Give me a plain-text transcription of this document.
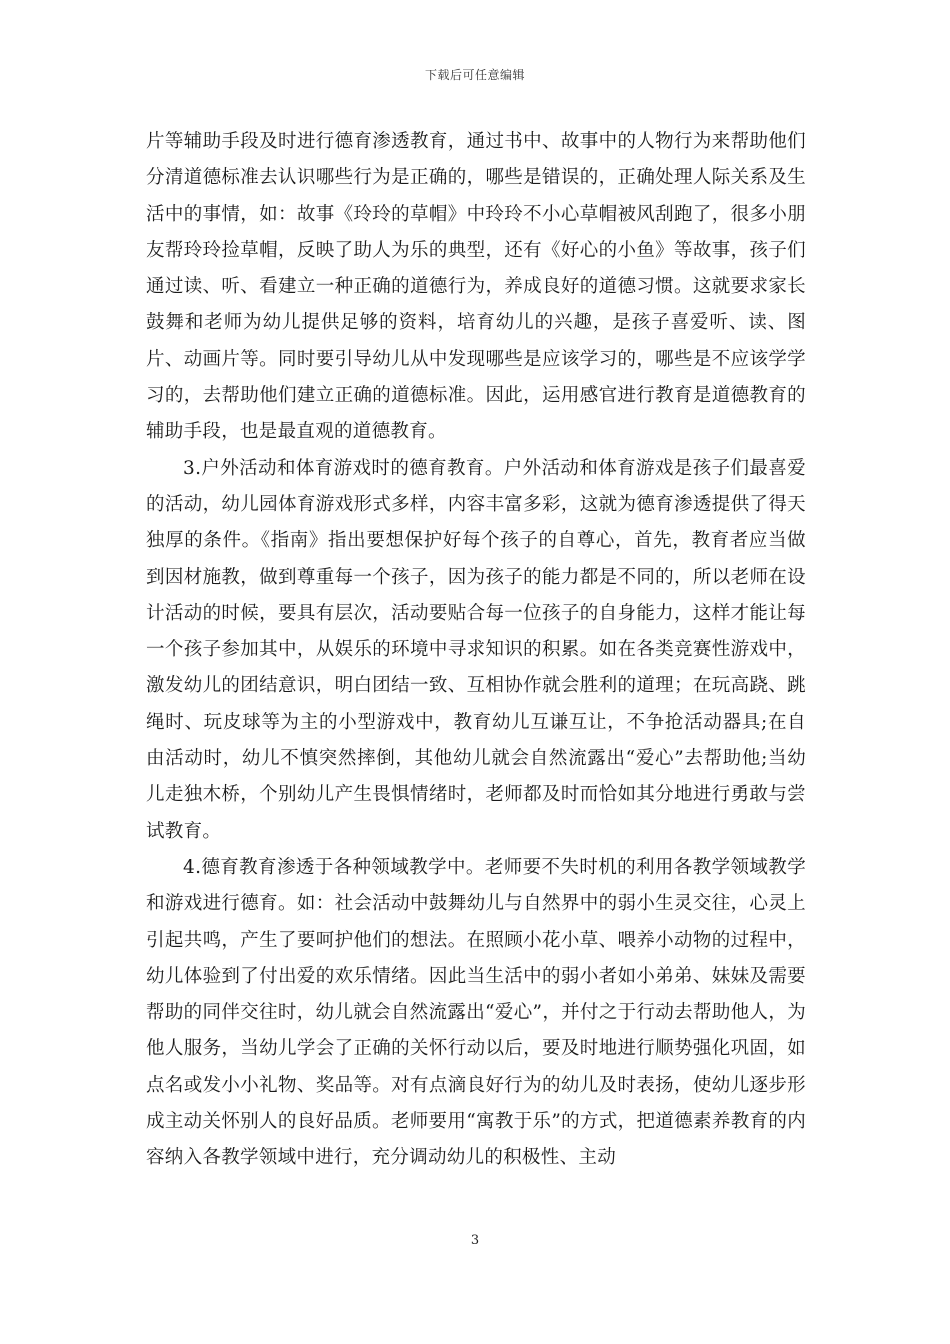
下载后可任意编辑

片等辅助手段及时进行德育渗透教育，通过书中、故事中的人物行为来帮助他们分清道德标准去认识哪些行为是正确的，哪些是错误的，正确处理人际关系及生活中的事情，如：故事《玲玲的草帽》中玲玲不小心草帽被风刮跑了，很多小朋友帮玲玲捡草帽，反映了助人为乐的典型，还有《好心的小鱼》等故事，孩子们通过读、听、看建立一种正确的道德行为，养成良好的道德习惯。这就要求家长鼓舞和老师为幼儿提供足够的资料，培育幼儿的兴趣，是孩子喜爱听、读、图片、动画片等。同时要引导幼儿从中发现哪些是应该学习的，哪些是不应该学学习的，去帮助他们建立正确的道德标准。因此，运用感官进行教育是道德教育的辅助手段，也是最直观的道德教育。

3.户外活动和体育游戏时的德育教育。户外活动和体育游戏是孩子们最喜爱的活动，幼儿园体育游戏形式多样，内容丰富多彩，这就为德育渗透提供了得天独厚的条件。《指南》指出要想保护好每个孩子的自尊心，首先，教育者应当做到因材施教，做到尊重每一个孩子，因为孩子的能力都是不同的，所以老师在设计活动的时候，要具有层次，活动要贴合每一位孩子的自身能力，这样才能让每一个孩子参加其中，从娱乐的环境中寻求知识的积累。如在各类竞赛性游戏中，激发幼儿的团结意识，明白团结一致、互相协作就会胜利的道理；在玩高跷、跳绳时、玩皮球等为主的小型游戏中，教育幼儿互谦互让，不争抢活动器具;在自由活动时，幼儿不慎突然摔倒，其他幼儿就会自然流露出“爱心”去帮助他;当幼儿走独木桥，个别幼儿产生畏惧情绪时，老师都及时而恰如其分地进行勇敢与尝试教育。

4.德育教育渗透于各种领域教学中。老师要不失时机的利用各教学领域教学和游戏进行德育。如：社会活动中鼓舞幼儿与自然界中的弱小生灵交往，心灵上引起共鸣，产生了要呵护他们的想法。在照顾小花小草、喂养小动物的过程中，幼儿体验到了付出爱的欢乐情绪。因此当生活中的弱小者如小弟弟、妹妹及需要帮助的同伴交往时，幼儿就会自然流露出“爱心”，并付之于行动去帮助他人，为他人服务，当幼儿学会了正确的关怀行动以后，要及时地进行顺势强化巩固，如点名或发小小礼物、奖品等。对有点滴良好行为的幼儿及时表扬，使幼儿逐步形成主动关怀别人的良好品质。老师要用“寓教于乐”的方式，把道德素养教育的内容纳入各教学领域中进行，充分调动幼儿的积极性、主动

3
